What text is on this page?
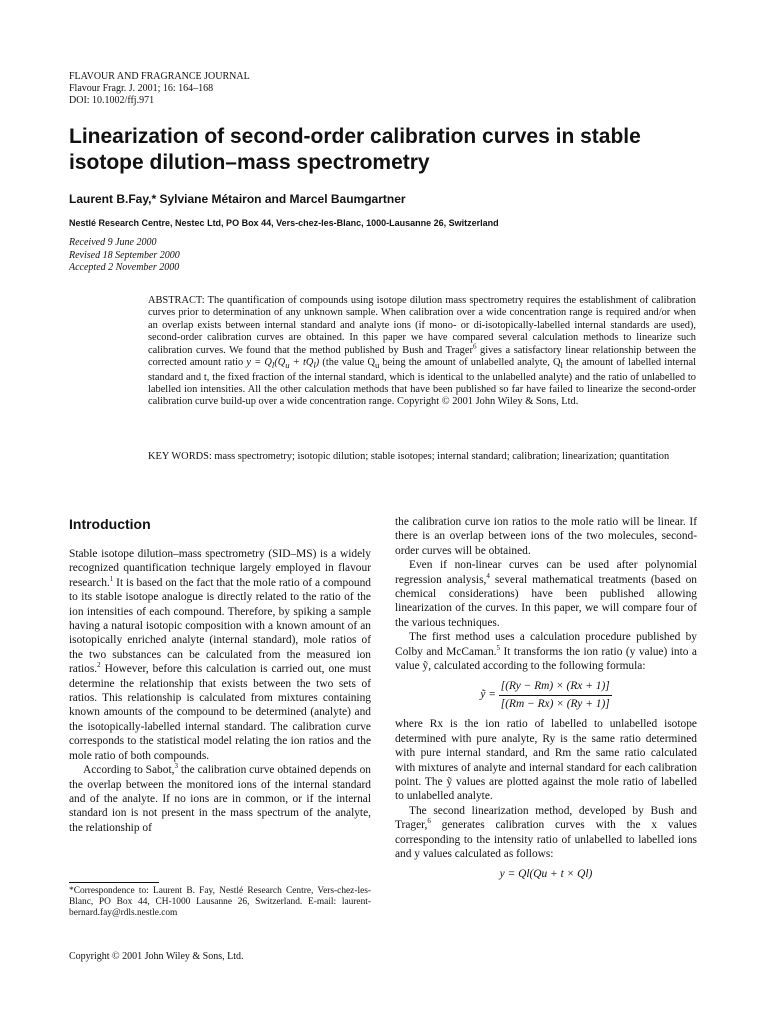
FLAVOUR AND FRAGRANCE JOURNAL
Flavour Fragr. J. 2001; 16: 164–168
DOI: 10.1002/ffj.971
Linearization of second-order calibration curves in stable isotope dilution–mass spectrometry
Laurent B.Fay,* Sylviane Métairon and Marcel Baumgartner
Nestlé Research Centre, Nestec Ltd, PO Box 44, Vers-chez-les-Blanc, 1000-Lausanne 26, Switzerland
Received 9 June 2000
Revised 18 September 2000
Accepted 2 November 2000
ABSTRACT: The quantification of compounds using isotope dilution mass spectrometry requires the establishment of calibration curves prior to determination of any unknown sample. When calibration over a wide concentration range is required and/or when an overlap exists between internal standard and analyte ions (if mono- or di-isotopically-labelled internal standards are used), second-order calibration curves are obtained. In this paper we have compared several calculation methods to linearize such calibration curves. We found that the method published by Bush and Trager$^6$ gives a satisfactory linear relationship between the corrected amount ratio $y = Q_l(Q_u + tQ_l)$ (the value $Q_u$ being the amount of unlabelled analyte, $Q_l$ the amount of labelled internal standard and t, the fixed fraction of the internal standard, which is identical to the unlabelled analyte) and the ratio of unlabelled to labelled ion intensities. All the other calculation methods that have been published so far have failed to linearize the second-order calibration curve build-up over a wide concentration range. Copyright © 2001 John Wiley & Sons, Ltd.
KEY WORDS: mass spectrometry; isotopic dilution; stable isotopes; internal standard; calibration; linearization; quantitation
Introduction

Stable isotope dilution–mass spectrometry (SID–MS) is a widely recognized quantification technique largely employed in flavour research.$^1$ It is based on the fact that the mole ratio of a compound to its stable isotope analogue is directly related to the ratio of the ion intensities of each compound. Therefore, by spiking a sample having a natural isotopic composition with a known amount of an isotopically enriched analyte (internal standard), mole ratios of the two substances can be calculated from the measured ion ratios.$^2$ However, before this calculation is carried out, one must determine the relationship that exists between the two sets of ratios. This relationship is calculated from mixtures containing known amounts of the compound to be determined (analyte) and the isotopically-labelled internal standard. The calibration curve corresponds to the statistical model relating the ion ratios and the mole ratio of both compounds.

According to Sabot,$^3$ the calibration curve obtained depends on the overlap between the monitored ions of the internal standard and of the analyte. If no ions are in common, or if the internal standard ion is not present in the mass spectrum of the analyte, the relationship of

the calibration curve ion ratios to the mole ratio will be linear. If there is an overlap between ions of the two molecules, second-order curves will be obtained.

Even if non-linear curves can be used after polynomial regression analysis,$^4$ several mathematical treatments (based on chemical considerations) have been published allowing linearization of the curves. In this paper, we will compare four of the various techniques.

The first method uses a calculation procedure published by Colby and McCaman.$^5$ It transforms the ion ratio (y value) into a value ỹ, calculated according to the following formula:

ỹ = $\frac{[(Ry - Rm) \times (Rx + 1)]}{[(Rm - Rx) \times (Ry + 1)]}$

where Rx is the ion ratio of labelled to unlabelled isotope determined with pure analyte, Ry is the same ratio determined with pure internal standard, and Rm the same ratio calculated with mixtures of analyte and internal standard for each calibration point. The ỹ values are plotted against the mole ratio of labelled to unlabelled analyte.

The second linearization method, developed by Bush and Trager,$^6$ generates calibration curves with the x values corresponding to the intensity ratio of unlabelled to labelled ions and y values calculated as follows:

y = Ql(Qu + t × Ql)
*Correspondence to: Laurent B. Fay, Nestlé Research Centre, Vers-chez-les-Blanc, PO Box 44, CH-1000 Lausanne 26, Switzerland. E-mail: laurent-bernard.fay@rdls.nestle.com
Copyright © 2001 John Wiley & Sons, Ltd.
